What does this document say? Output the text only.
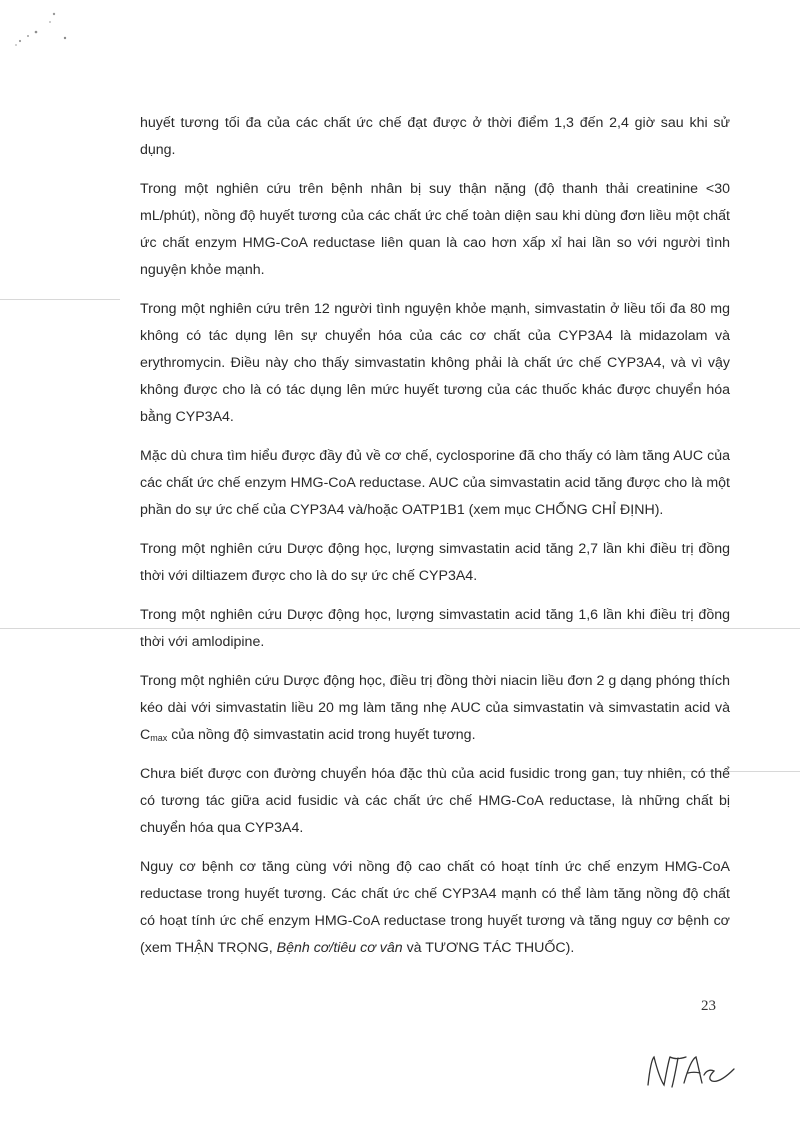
huyết tương tối đa của các chất ức chế đạt được ở thời điểm 1,3 đến 2,4 giờ sau khi sử dụng.

Trong một nghiên cứu trên bệnh nhân bị suy thận nặng (độ thanh thải creatinine <30 mL/phút), nồng độ huyết tương của các chất ức chế toàn diện sau khi dùng đơn liều một chất ức chất enzym HMG-CoA reductase liên quan là cao hơn xấp xỉ hai lần so với người tình nguyện khỏe mạnh.

Trong một nghiên cứu trên 12 người tình nguyện khỏe mạnh, simvastatin ở liều tối đa 80 mg không có tác dụng lên sự chuyển hóa của các cơ chất của CYP3A4 là midazolam và erythromycin. Điều này cho thấy simvastatin không phải là chất ức chế CYP3A4, và vì vậy không được cho là có tác dụng lên mức huyết tương của các thuốc khác được chuyển hóa bằng CYP3A4.

Mặc dù chưa tìm hiểu được đầy đủ về cơ chế, cyclosporine đã cho thấy có làm tăng AUC của các chất ức chế enzym HMG-CoA reductase. AUC của simvastatin acid tăng được cho là một phần do sự ức chế của CYP3A4 và/hoặc OATP1B1 (xem mục CHỐNG CHỈ ĐỊNH).

Trong một nghiên cứu Dược động học, lượng simvastatin acid tăng 2,7 lần khi điều trị đồng thời với diltiazem được cho là do sự ức chế CYP3A4.

Trong một nghiên cứu Dược động học, lượng simvastatin acid tăng 1,6 lần khi điều trị đồng thời với amlodipine.

Trong một nghiên cứu Dược động học, điều trị đồng thời niacin liều đơn 2 g dạng phóng thích kéo dài với simvastatin liều 20 mg làm tăng nhẹ AUC của simvastatin và simvastatin acid và $C_{max}$ của nồng độ simvastatin acid trong huyết tương.

Chưa biết được con đường chuyển hóa đặc thù của acid fusidic trong gan, tuy nhiên, có thể có tương tác giữa acid fusidic và các chất ức chế HMG-CoA reductase, là những chất bị chuyển hóa qua CYP3A4.

Nguy cơ bệnh cơ tăng cùng với nồng độ cao chất có hoạt tính ức chế enzym HMG-CoA reductase trong huyết tương. Các chất ức chế CYP3A4 mạnh có thể làm tăng nồng độ chất có hoạt tính ức chế enzym HMG-CoA reductase trong huyết tương và tăng nguy cơ bệnh cơ (xem THẬN TRỌNG, Bệnh cơ/tiêu cơ vân và TƯƠNG TÁC THUỐC).

23
